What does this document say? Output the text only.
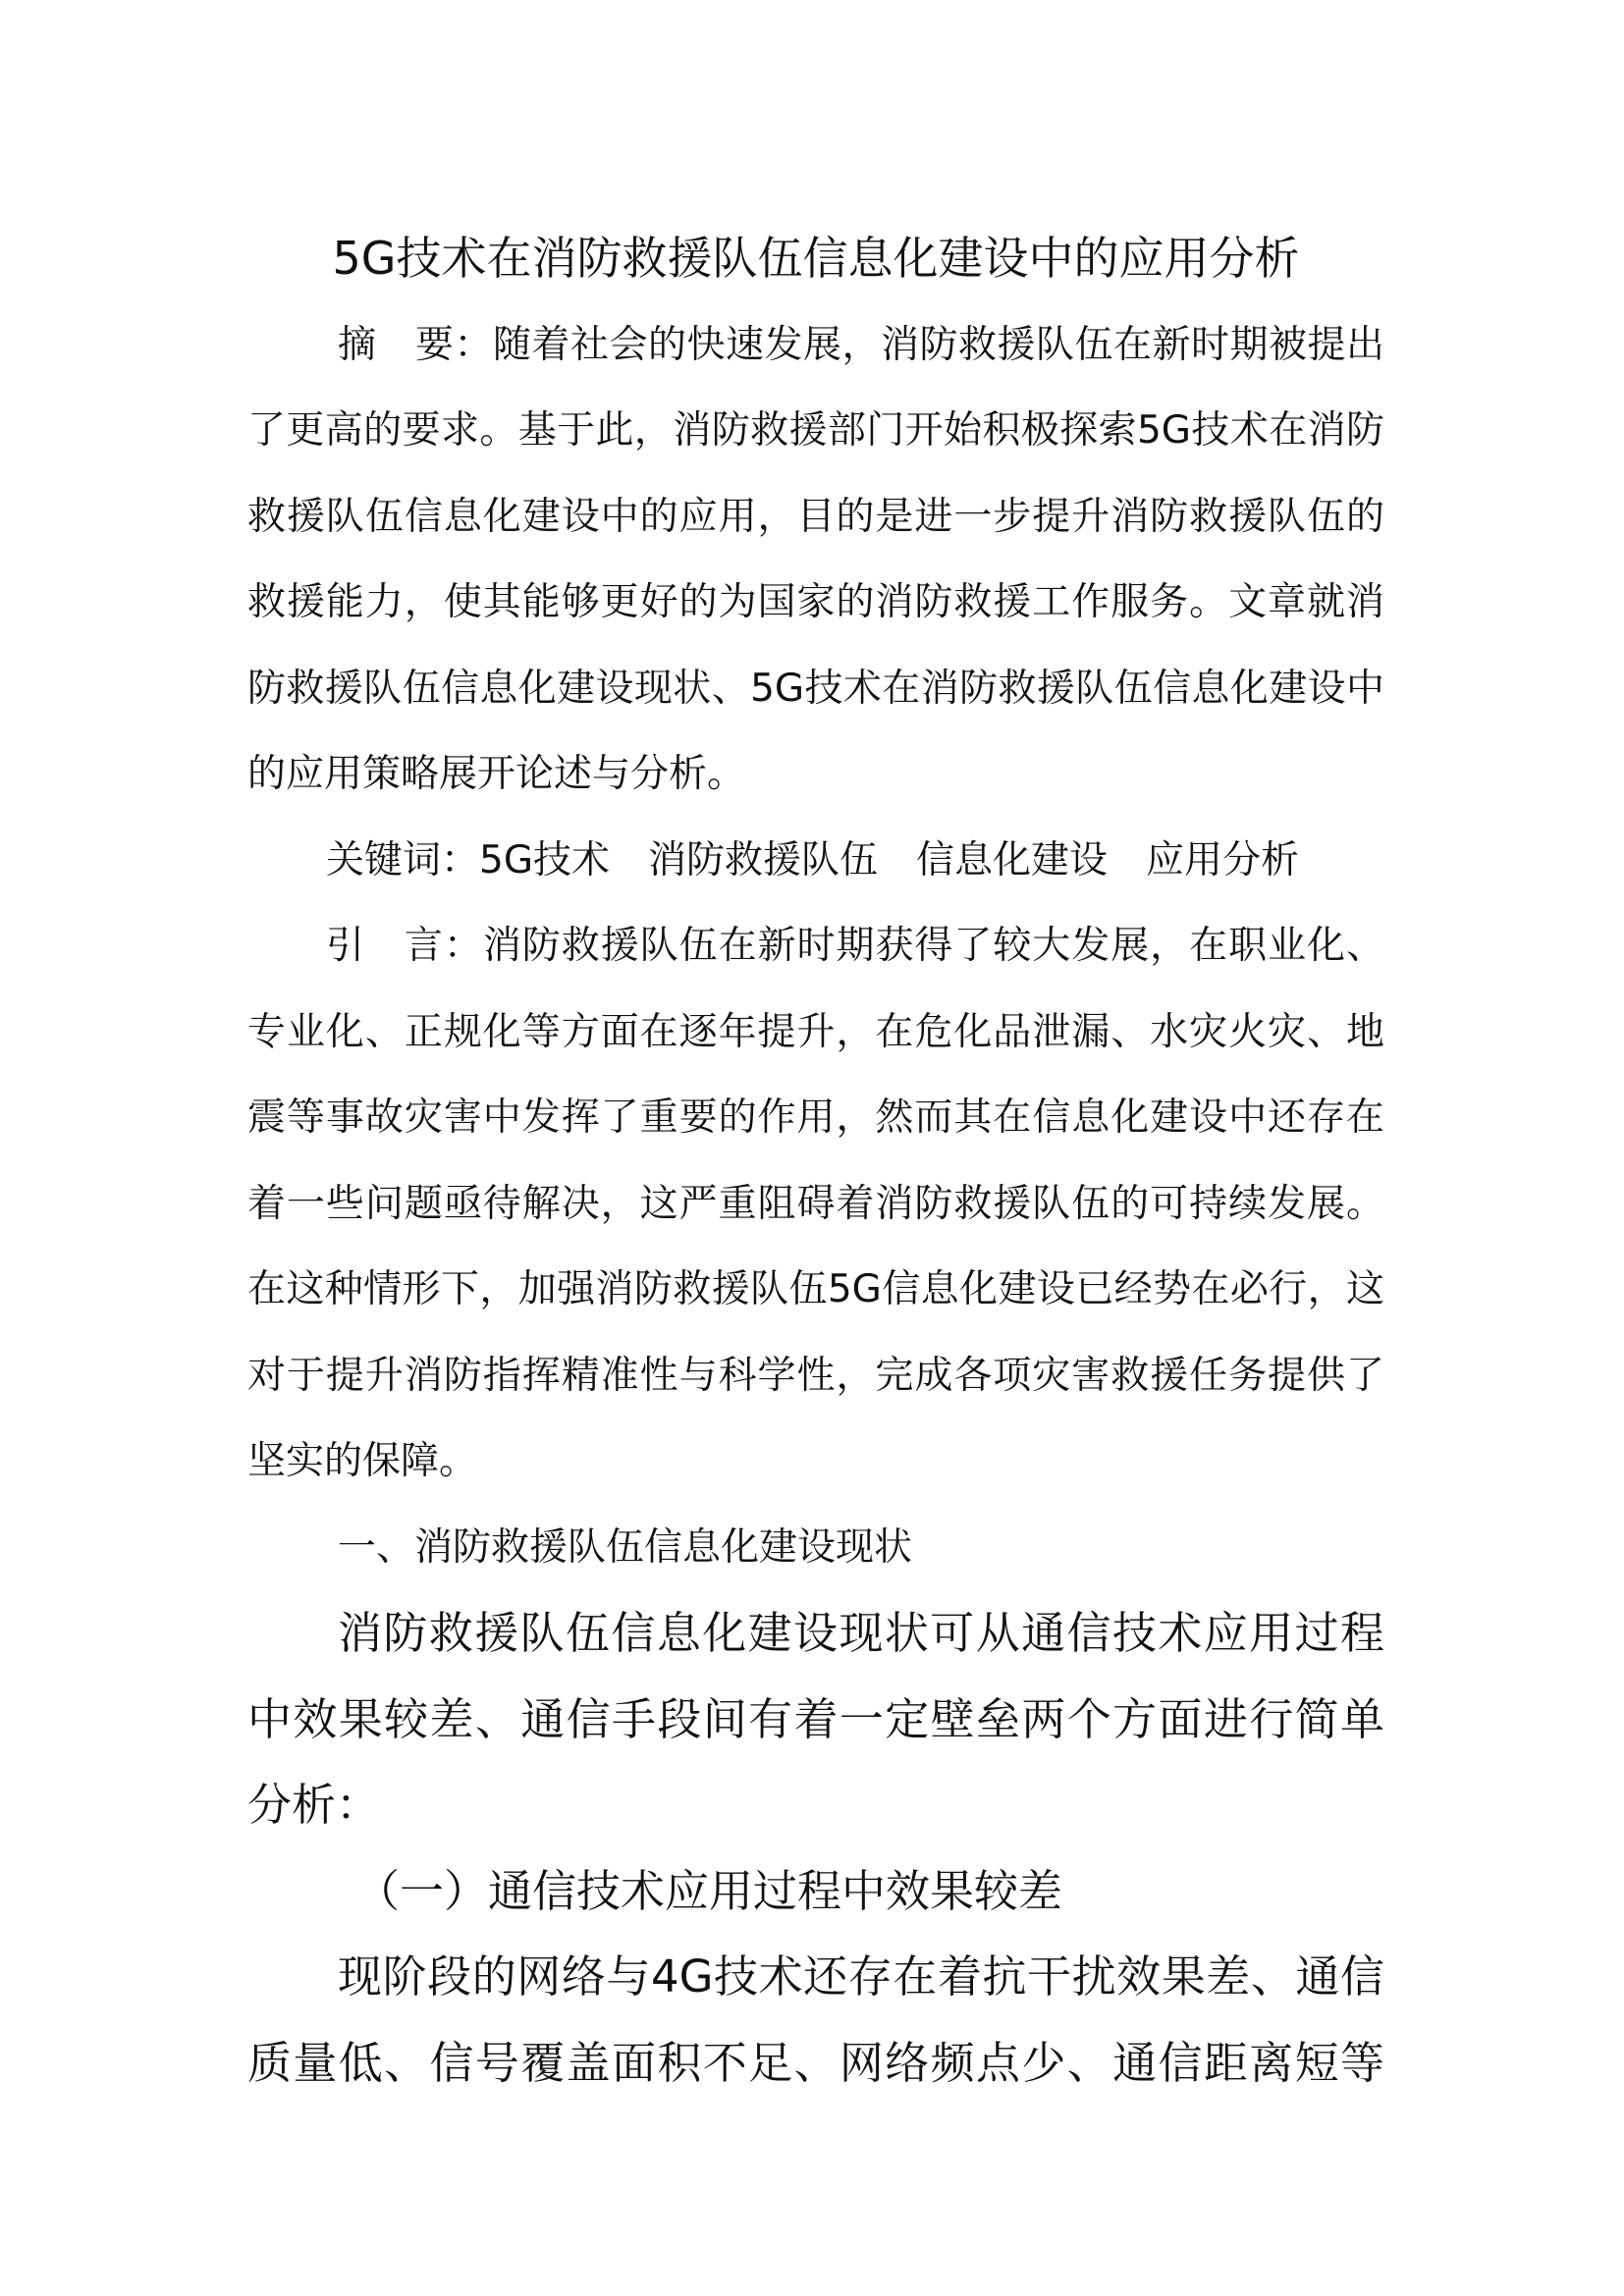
5G技术在消防救援队伍信息化建设中的应用分析
摘　要：随着社会的快速发展，消防救援队伍在新时期被提出
了更高的要求。基于此，消防救援部门开始积极探索5G技术在消防
救援队伍信息化建设中的应用，目的是进一步提升消防救援队伍的
救援能力，使其能够更好的为国家的消防救援工作服务。文章就消
防救援队伍信息化建设现状、5G技术在消防救援队伍信息化建设中
的应用策略展开论述与分析。
关键词：5G技术　消防救援队伍　信息化建设　应用分析
引　言：消防救援队伍在新时期获得了较大发展，在职业化、
专业化、正规化等方面在逐年提升，在危化品泄漏、水灾火灾、地
震等事故灾害中发挥了重要的作用，然而其在信息化建设中还存在
着一些问题亟待解决，这严重阻碍着消防救援队伍的可持续发展。
在这种情形下，加强消防救援队伍5G信息化建设已经势在必行，这
对于提升消防指挥精准性与科学性，完成各项灾害救援任务提供了
坚实的保障。
一、消防救援队伍信息化建设现状
消防救援队伍信息化建设现状可从通信技术应用过程
中效果较差、通信手段间有着一定壁垒两个方面进行简单
分析：
（一）通信技术应用过程中效果较差
现阶段的网络与4G技术还存在着抗干扰效果差、通信
质量低、信号覆盖面积不足、网络频点少、通信距离短等
